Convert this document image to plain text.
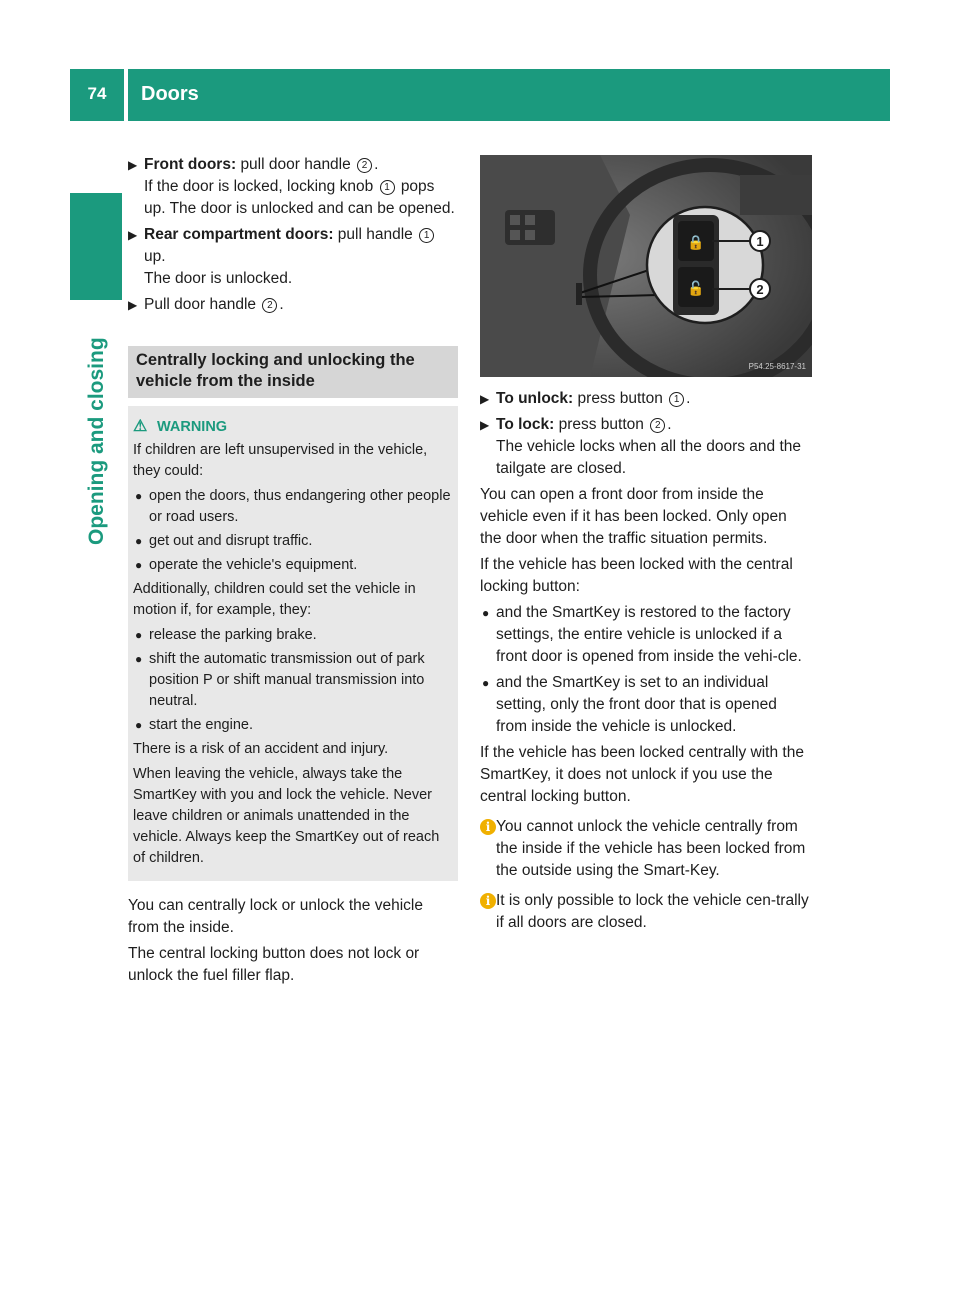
74	Doors
Opening and closing
▶ Front doors: pull door handle 2 .
If the door is locked, locking knob 1 pops up. The door is unlocked and can be opened.
▶ Rear compartment doors: pull handle 1 up.
The door is unlocked.
▶ Pull door handle 2 .
Centrally locking and unlocking the vehicle from the inside
⚠ WARNING
If children are left unsupervised in the vehicle, they could:
● open the doors, thus endangering other people or road users.
● get out and disrupt traffic.
● operate the vehicle's equipment.
Additionally, children could set the vehicle in motion if, for example, they:
● release the parking brake.
● shift the automatic transmission out of park position P or shift manual transmission into neutral.
● start the engine.
There is a risk of an accident and injury.
When leaving the vehicle, always take the SmartKey with you and lock the vehicle. Never leave children or animals unattended in the vehicle. Always keep the SmartKey out of reach of children.
You can centrally lock or unlock the vehicle from the inside.
The central locking button does not lock or unlock the fuel filler flap.
🔒
🔓
1
2
P54.25-8617-31
▶ To unlock: press button 1 .
▶ To lock: press button 2 .
The vehicle locks when all the doors and the tailgate are closed.
You can open a front door from inside the vehicle even if it has been locked. Only open the door when the traffic situation permits.
If the vehicle has been locked with the central locking button:
● and the SmartKey is restored to the factory settings, the entire vehicle is unlocked if a front door is opened from inside the vehi-cle.
● and the SmartKey is set to an individual setting, only the front door that is opened from inside the vehicle is unlocked.
If the vehicle has been locked centrally with the SmartKey, it does not unlock if you use the central locking button.
i You cannot unlock the vehicle centrally from the inside if the vehicle has been locked from the outside using the Smart-Key.
i It is only possible to lock the vehicle cen-trally if all doors are closed.
